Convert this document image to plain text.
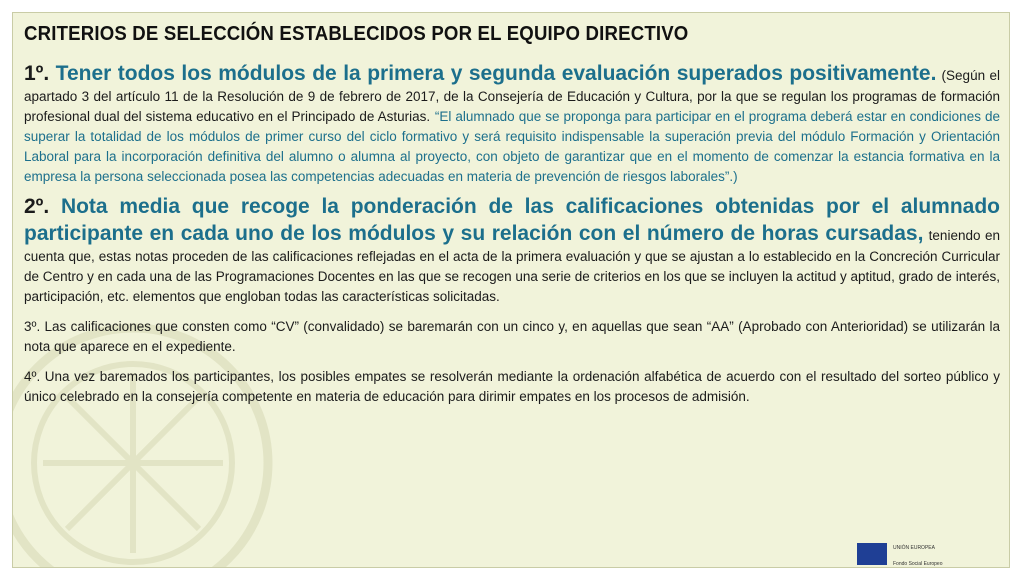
CRITERIOS DE SELECCIÓN ESTABLECIDOS POR EL EQUIPO DIRECTIVO

1º. Tener todos los módulos de la primera y segunda evaluación superados positivamente. (Según el apartado 3 del artículo 11 de la Resolución de 9 de febrero de 2017, de la Consejería de Educación y Cultura, por la que se regulan los programas de formación profesional dual del sistema educativo en el Principado de Asturias. “El alumnado que se proponga para participar en el programa deberá estar en condiciones de superar la totalidad de los módulos de primer curso del ciclo formativo y será requisito indispensable la superación previa del módulo Formación y Orientación Laboral para la incorporación definitiva del alumno o alumna al proyecto, con objeto de garantizar que en el momento de comenzar la estancia formativa en la empresa la persona seleccionada posea las competencias adecuadas en materia de prevención de riesgos laborales”.)

2º. Nota media que recoge la ponderación de las calificaciones obtenidas por el alumnado participante en cada uno de los módulos y su relación con el número de horas cursadas, teniendo en cuenta que, estas notas proceden de las calificaciones reflejadas en el acta de la primera evaluación y que se ajustan a lo establecido en la Concreción Curricular de Centro y en cada una de las Programaciones Docentes en las que se recogen una serie de criterios en los que se incluyen la actitud y aptitud, grado de interés, participación, etc. elementos que engloban todas las características solicitadas.

3º. Las calificaciones que consten como “CV” (convalidado) se baremarán con un cinco y, en aquellas que sean “AA” (Aprobado con Anterioridad) se utilizarán la nota que aparece en el expediente.

4º. Una vez baremados los participantes, los posibles empates se resolverán mediante la ordenación alfabética de acuerdo con el resultado del sorteo público y único celebrado en la consejería competente en materia de educación para dirimir empates en los procesos de admisión.

UNIÓN EUROPEA
Fondo Social Europeo
